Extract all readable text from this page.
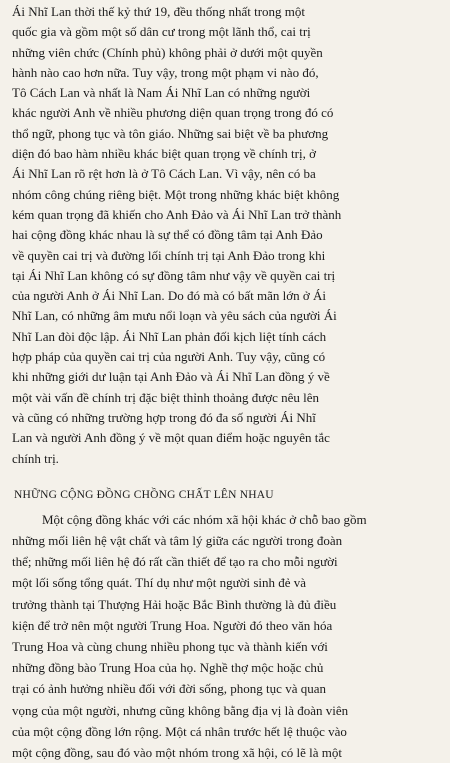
Ái Nhĩ Lan thời thế kỷ thứ 19, đều thống nhất trong một
quốc gia và gồm một số dân cư trong một lãnh thổ, cai trị
những viên chức (Chính phủ) không phải ở dưới một quyền
hành nào cao hơn nữa. Tuy vậy, trong một phạm vi nào đó,
Tô Cách Lan và nhất là Nam Ái Nhĩ Lan có những người
khác người Anh về nhiều phương diện quan trọng trong đó có
thổ ngữ, phong tục và tôn giáo. Những sai biệt về ba phương
diện đó bao hàm nhiều khác biệt quan trọng về chính trị, ở
Ái Nhĩ Lan rõ rệt hơn là ở Tô Cách Lan. Vì vậy, nên có ba
nhóm công chúng riêng biệt. Một trong những khác biệt không
kém quan trọng đã khiến cho Anh Đảo và Ái Nhĩ Lan trở thành
hai cộng đồng khác nhau là sự thể có đồng tâm tại Anh Đảo
về quyền cai trị và đường lối chính trị tại Anh Đảo trong khi
tại Ái Nhĩ Lan không có sự đồng tâm như vậy về quyền cai trị
của người Anh ở Ái Nhĩ Lan. Do đó mà có bất mãn lớn ở Ái
Nhĩ Lan, có những âm mưu nổi loạn và yêu sách của người Ái
Nhĩ Lan đòi độc lập. Ái Nhĩ Lan phản đối kịch liệt tính cách
hợp pháp của quyền cai trị của người Anh. Tuy vậy, cũng có
khi những giới dư luận tại Anh Đảo và Ái Nhĩ Lan đồng ý về
một vài vấn đề chính trị đặc biệt thỉnh thoảng được nêu lên
và cũng có những trường hợp trong đó đa số người Ái Nhĩ
Lan và người Anh đồng ý về một quan điểm hoặc nguyên tắc
chính trị.

NHỮNG CỘNG ĐỒNG CHỒNG CHẤT LÊN NHAU

Một cộng đồng khác với các nhóm xã hội khác ở chỗ bao gồm
những mối liên hệ vật chất và tâm lý giữa các người trong đoàn
thể; những mối liên hệ đó rất cần thiết để tạo ra cho mỗi người
một lối sống tổng quát. Thí dụ như một người sinh đẻ và
trưởng thành tại Thượng Hải hoặc Bắc Bình thường là đủ điều
kiện để trở nên một người Trung Hoa. Người đó theo văn hóa
Trung Hoa và cùng chung nhiều phong tục và thành kiến với
những đồng bào Trung Hoa của họ. Nghề thợ mộc hoặc chủ
trại có ảnh hưởng nhiều đối với đời sống, phong tục và quan
vọng của một người, nhưng cũng không bằng địa vị là đoàn viên
của một cộng đồng lớn rộng. Một cá nhân trước hết lệ thuộc vào
một cộng đồng, sau đó vào một nhóm trong xã hội, có lẽ là một
